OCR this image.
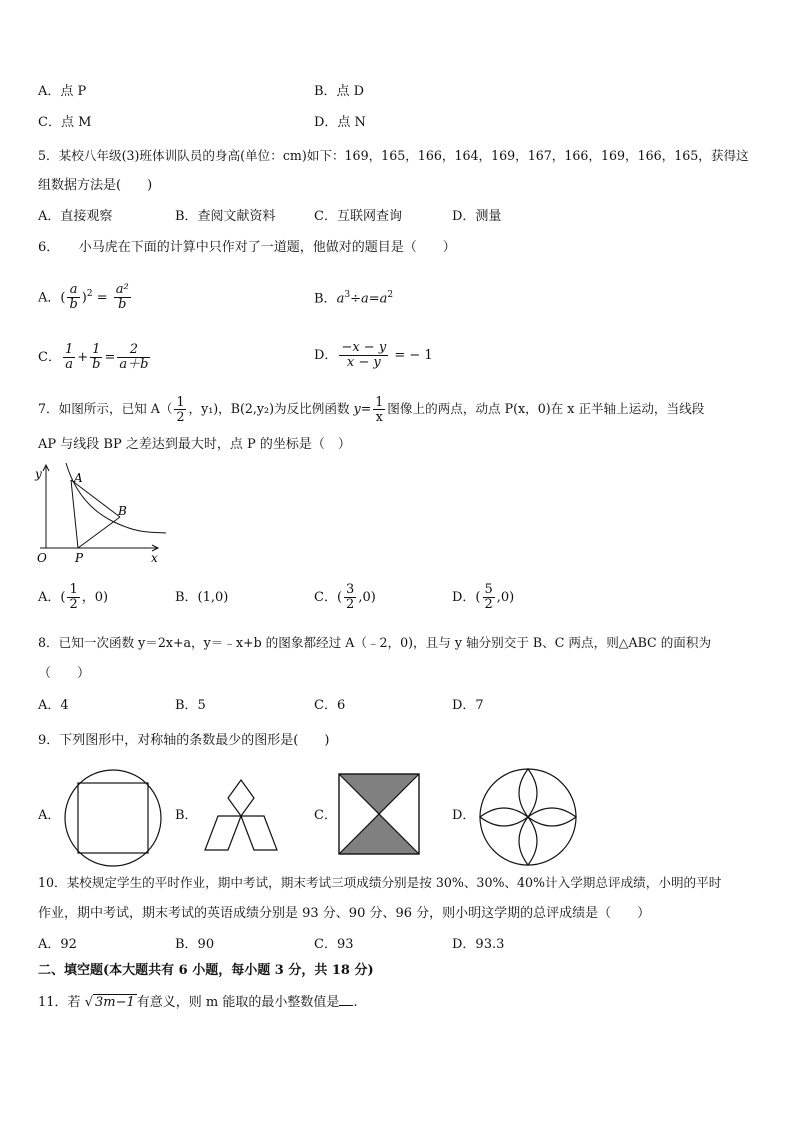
A．点 P	B．点 D
C．点 M	D．点 N
5．某校八年级(3)班体训队员的身高(单位：cm)如下：169，165，166，164，169，167，166，169，166，165，获得这
组数据方法是(　　)
A．直接观察	B．查阅文献资料	C．互联网查询	D．测量
6．　　小马虎在下面的计算中只作对了一道题，他做对的题目是（　　）
A．( $\frac{a}{b} )^2 = \frac{\text{a²}}{b}$	B．$a^3\div a=a^2$
C． $\frac{1}{a} + \frac{1}{b} = \frac{2}{a+b}$	D． $\frac{-x - y}{x - y}$ = − 1
7．如图所示，已知 $A( \frac{1}{2}$ ，y₁)，B(2,y₂)为反比例函数 $y= \frac{1}{x}$ 图像上的两点，动点 P(x，0)在 x 正半轴上运动，当线段
AP 与线段 BP 之差达到最大时，点 P 的坐标是（　）
y	A
B
O P	x
A．( $\frac{1}{2}$ ，0)	B．(1,0)	C．( $\frac{3}{2} ,0$)	D．( $\frac{5}{2} ,0$)
8．已知一次函数 y＝2x+a，y＝﹣x+b 的图象都经过 A（﹣2，0)，且与 y 轴分别交于 B、C 两点，则△ABC 的面积为
（　　）
A．4	B．5	C．6	D．7
9．下列图形中，对称轴的条数最少的图形是(　　)
A．	B．	C．	D．
10．某校规定学生的平时作业，期中考试，期末考试三项成绩分别是按 30%、30%、40%计入学期总评成绩，小明的平时
作业，期中考试，期末考试的英语成绩分别是 93 分、90 分、96 分，则小明这学期的总评成绩是（　　）
A．92	B．90	C．93	D．93.3
二、填空题(本大题共有 6 小题，每小题 3 分，共 18 分)
11．若 √ 3m−1 有意义，则 m 能取的最小整数值是 .
